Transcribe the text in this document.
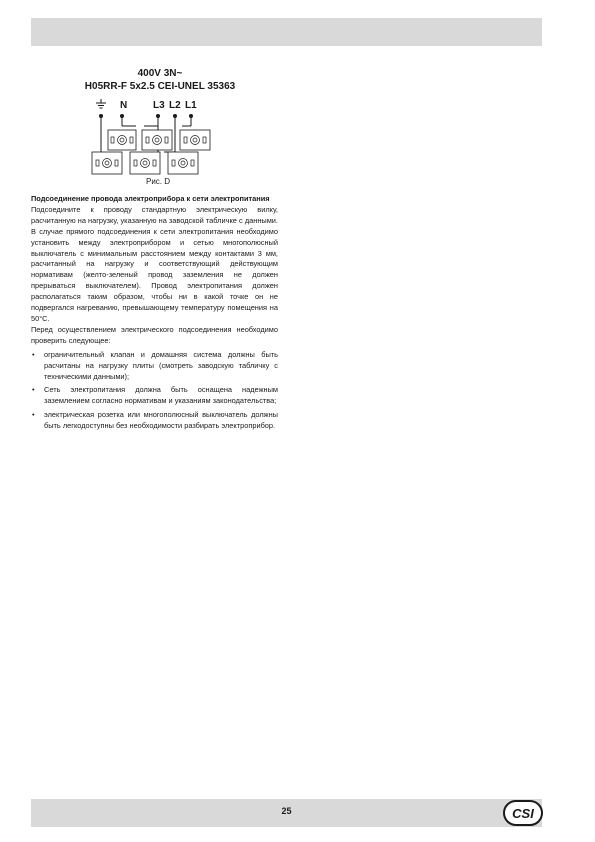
400V 3N~
H05RR-F 5x2.5 CEI-UNEL 35363
N	L3 L2 L1
Рис. D

Подсоединение провода электроприбора к сети электропитания

Подсоедините к проводу стандартную электрическую вилку, расчитанную на нагрузку, указанную на заводской табличке с данными. В случае прямого подсоединения к сети электропитания необходимо установить между электроприбором и сетью многополюсный выключатель с минимальным расстоянием между контактами 3 мм, расчитанный на нагрузку и соответствующий действующим нормативам (желто-зеленый провод заземления не должен прерываться выключателем). Провод электропитания должен располагаться таким образом, чтобы ни в какой точке он не подвергался нагреванию, превышающему температуру помещения на 50°С.

Перед осуществлением электрического подсоединения необходимо проверить следующее:

• ограничительный клапан и домашняя система должны быть расчитаны на нагрузку плиты (смотреть заводскую табличку с техническими данными);
• Сеть электропитания должна быть оснащена надежным заземлением согласно нормативам и указаниям законодательства;
• электрическая розетка или многополюсный выключатель должны быть легкодоступны без необходимости разбирать электроприбор.
25	CSI
